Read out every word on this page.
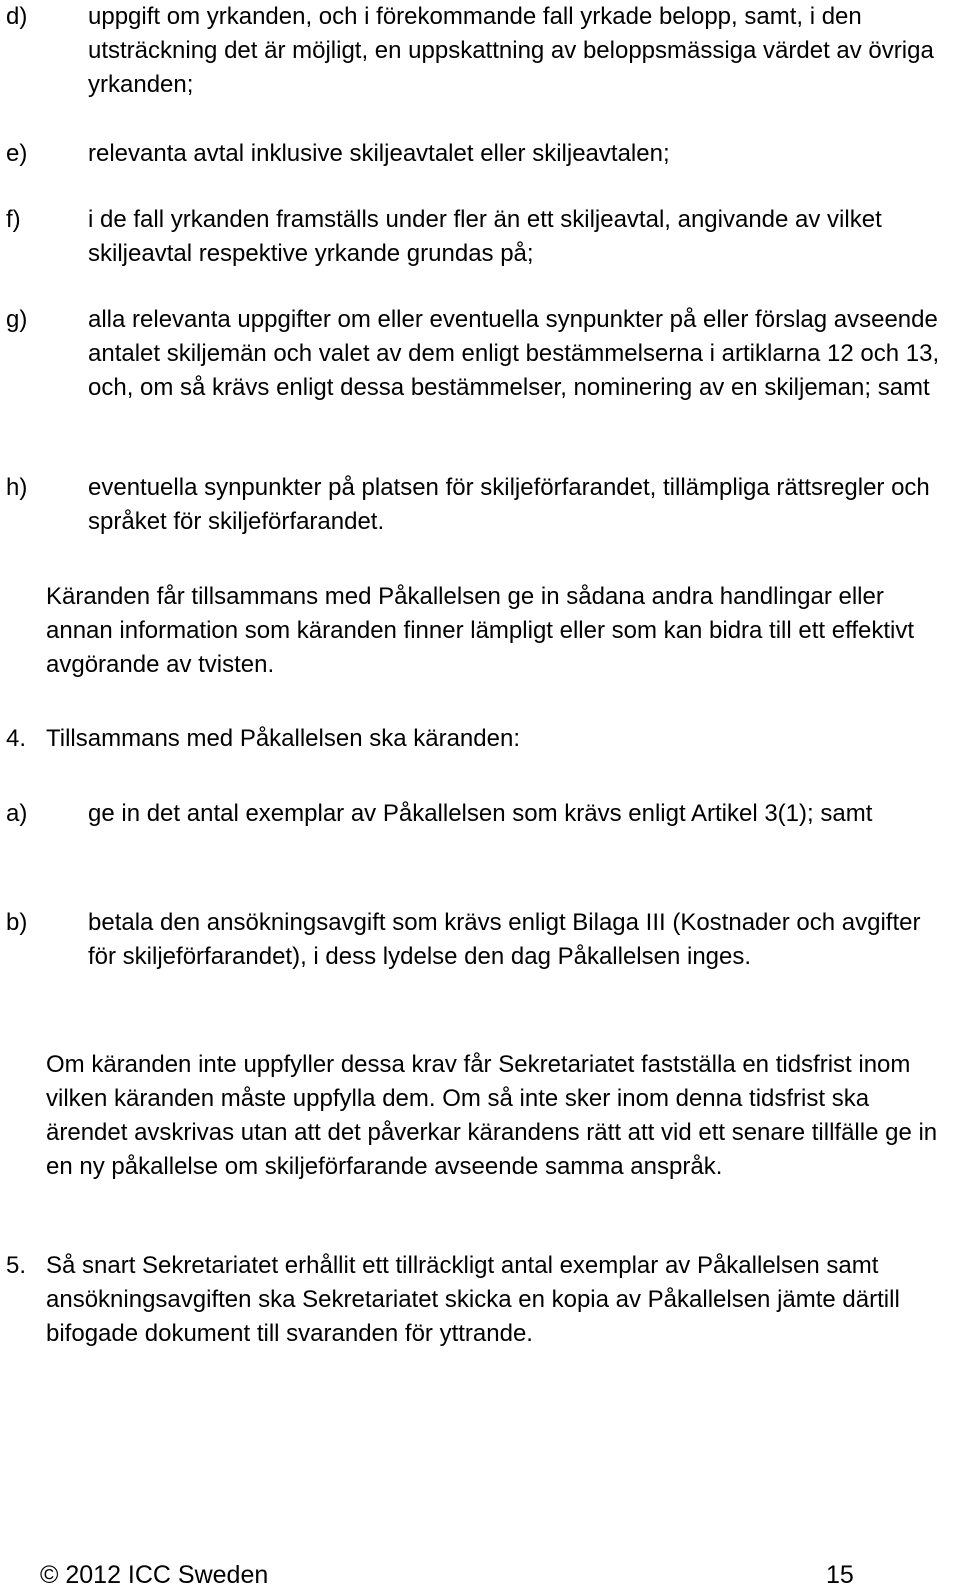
d)	uppgift om yrkanden, och i förekommande fall yrkade belopp, samt, i den utsträckning det är möjligt, en uppskattning av beloppsmässiga värdet av övriga yrkanden;
e)	relevanta avtal inklusive skiljeavtalet eller skiljeavtalen;
f)	i de fall yrkanden framställs under fler än ett skiljeavtal, angivande av vilket skiljeavtal respektive yrkande grundas på;
g)	alla relevanta uppgifter om eller eventuella synpunkter på eller förslag avseende antalet skiljemän och valet av dem enligt bestämmelserna i artiklarna 12 och 13, och, om så krävs enligt dessa bestämmelser, nominering av en skiljeman; samt
h)	eventuella synpunkter på platsen för skiljeförfarandet, tillämpliga rättsregler och språket för skiljeförfarandet.
Käranden får tillsammans med Påkallelsen ge in sådana andra handlingar eller annan information som käranden finner lämpligt eller som kan bidra till ett effektivt avgörande av tvisten.
4. Tillsammans med Påkallelsen ska käranden:
a)	ge in det antal exemplar av Påkallelsen som krävs enligt Artikel 3(1); samt
b)	betala den ansökningsavgift som krävs enligt Bilaga III (Kostnader och avgifter för skiljeförfarandet), i dess lydelse den dag Påkallelsen inges.
Om käranden inte uppfyller dessa krav får Sekretariatet fastställa en tidsfrist inom vilken käranden måste uppfylla dem. Om så inte sker inom denna tidsfrist ska ärendet avskrivas utan att det påverkar kärandens rätt att vid ett senare tillfälle ge in en ny påkallelse om skiljeförfarande avseende samma anspråk.
5. Så snart Sekretariatet erhållit ett tillräckligt antal exemplar av Påkallelsen samt ansökningsavgiften ska Sekretariatet skicka en kopia av Påkallelsen jämte därtill bifogade dokument till svaranden för yttrande.
© 2012 ICC Sweden	15
